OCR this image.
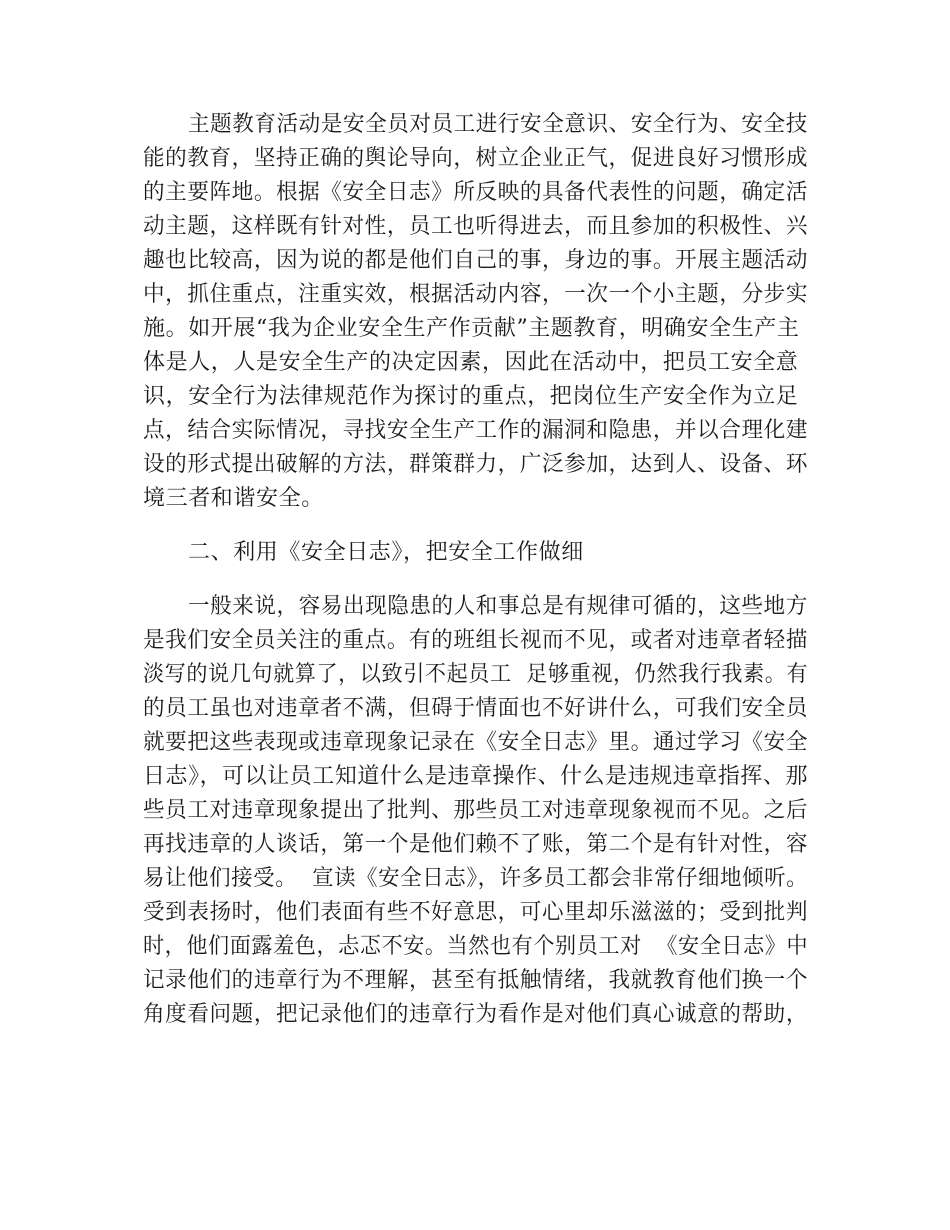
主题教育活动是安全员对员工进行安全意识、安全行为、安全技
能的教育，坚持正确的舆论导向，树立企业正气，促进良好习惯形成
的主要阵地。根据《安全日志》所反映的具备代表性的问题，确定活
动主题，这样既有针对性，员工也听得进去，而且参加的积极性、兴
趣也比较高，因为说的都是他们自己的事，身边的事。开展主题活动
中，抓住重点，注重实效，根据活动内容，一次一个小主题，分步实
施。如开展“我为企业安全生产作贡献”主题教育，明确安全生产主
体是人，人是安全生产的决定因素，因此在活动中，把员工安全意
识，安全行为法律规范作为探讨的重点，把岗位生产安全作为立足
点，结合实际情况，寻找安全生产工作的漏洞和隐患，并以合理化建
设的形式提出破解的方法，群策群力，广泛参加，达到人、设备、环
境三者和谐安全。
二、利用《安全日志》，把安全工作做细
一般来说，容易出现隐患的人和事总是有规律可循的，这些地方
是我们安全员关注的重点。有的班组长视而不见，或者对违章者轻描
淡写的说几句就算了，以致引不起员工  足够重视，仍然我行我素。有
的员工虽也对违章者不满，但碍于情面也不好讲什么，可我们安全员
就要把这些表现或违章现象记录在《安全日志》里。通过学习《安全
日志》，可以让员工知道什么是违章操作、什么是违规违章指挥、那
些员工对违章现象提出了批判、那些员工对违章现象视而不见。之后
再找违章的人谈话，第一个是他们赖不了账，第二个是有针对性，容
易让他们接受。  宣读《安全日志》，许多员工都会非常仔细地倾听。
受到表扬时，他们表面有些不好意思，可心里却乐滋滋的；受到批判
时，他们面露羞色，忐忑不安。当然也有个别员工对  《安全日志》中
记录他们的违章行为不理解，甚至有抵触情绪，我就教育他们换一个
角度看问题，把记录他们的违章行为看作是对他们真心诚意的帮助，
